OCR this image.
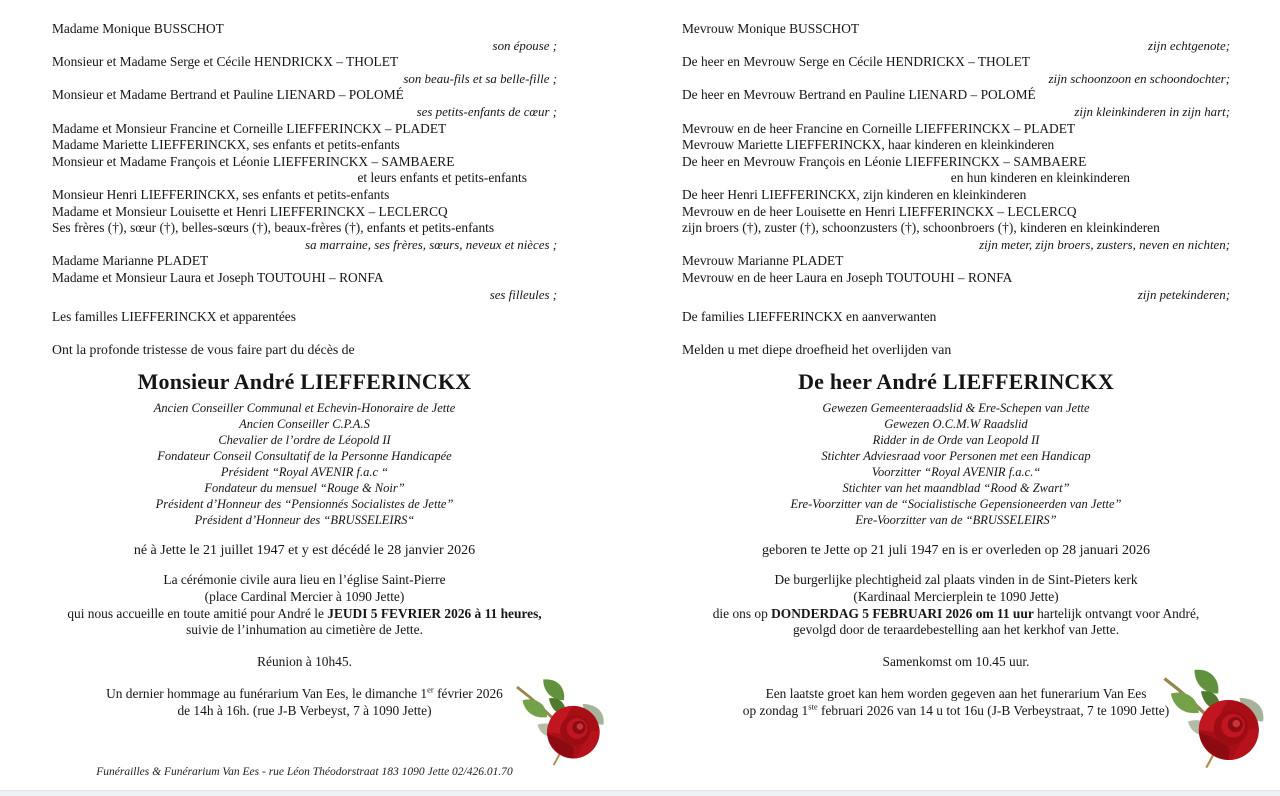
Madame Monique BUSSCHOT
son épouse ;
Monsieur et Madame Serge et Cécile HENDRICKX – THOLET
son beau-fils et sa belle-fille ;
Monsieur et Madame Bertrand et Pauline LIENARD – POLOMÉ
ses petits-enfants de cœur ;
Madame et Monsieur Francine et Corneille LIEFFERINCKX – PLADET
Madame Mariette LIEFFERINCKX, ses enfants et petits-enfants
Monsieur et Madame François et Léonie LIEFFERINCKX – SAMBAERE
et leurs enfants et petits-enfants
Monsieur Henri LIEFFERINCKX, ses enfants et petits-enfants
Madame et Monsieur Louisette et Henri LIEFFERINCKX – LECLERCQ
Ses frères (†), sœur (†), belles-sœurs (†), beaux-frères (†), enfants et petits-enfants
sa marraine, ses frères, sœurs, neveux et nièces ;
Madame Marianne PLADET
Madame et Monsieur Laura et Joseph TOUTOUHI – RONFA
ses filleules ;
Les familles LIEFFERINCKX et apparentées
Ont la profonde tristesse de vous faire part du décès de
Monsieur André LIEFFERINCKX
Ancien Conseiller Communal et Echevin-Honoraire de Jette
Ancien Conseiller C.P.A.S
Chevalier de l’ordre de Léopold II
Fondateur Conseil Consultatif de la Personne Handicapée
Président “Royal AVENIR f.a.c “
Fondateur du mensuel “Rouge & Noir”
Président d’Honneur des “Pensionnés Socialistes de Jette”
Président d’Honneur des “BRUSSELEIRS“
né à Jette le 21 juillet 1947 et y est décédé le 28 janvier 2026
La cérémonie civile aura lieu en l’église Saint-Pierre
(place Cardinal Mercier à 1090 Jette)
qui nous accueille en toute amitié pour André le JEUDI 5 FEVRIER 2026 à 11 heures,
suivie de l’inhumation au cimetière de Jette.
Réunion à 10h45.
Un dernier hommage au funérarium Van Ees, le dimanche 1er février 2026
de 14h à 16h. (rue J-B Verbeyst, 7 à 1090 Jette)
Mevrouw Monique BUSSCHOT
zijn echtgenote;
De heer en Mevrouw Serge en Cécile HENDRICKX – THOLET
zijn schoonzoon en schoondochter;
De heer en Mevrouw Bertrand en Pauline LIENARD – POLOMÉ
zijn kleinkinderen in zijn hart;
Mevrouw en de heer Francine en Corneille LIEFFERINCKX – PLADET
Mevrouw Mariette LIEFFERINCKX, haar kinderen en kleinkinderen
De heer en Mevrouw François en Léonie LIEFFERINCKX – SAMBAERE
en hun kinderen en kleinkinderen
De heer Henri LIEFFERINCKX, zijn kinderen en kleinkinderen
Mevrouw en de heer Louisette en Henri LIEFFERINCKX – LECLERCQ
zijn broers (†), zuster (†), schoonzusters (†), schoonbroers (†), kinderen en kleinkinderen
zijn meter, zijn broers, zusters, neven en nichten;
Mevrouw Marianne PLADET
Mevrouw en de heer Laura en Joseph TOUTOUHI – RONFA
zijn petekinderen;
De families LIEFFERINCKX en aanverwanten
Melden u met diepe droefheid het overlijden van
De heer André LIEFFERINCKX
Gewezen Gemeenteraadslid & Ere-Schepen van Jette
Gewezen O.C.M.W Raadslid
Ridder in de Orde van Leopold II
Stichter Adviesraad voor Personen met een Handicap
Voorzitter “Royal AVENIR f.a.c.“
Stichter van het maandblad “Rood & Zwart”
Ere-Voorzitter van de “Socialistische Gepensioneerden van Jette”
Ere-Voorzitter van de “BRUSSELEIRS”
geboren te Jette op 21 juli 1947 en is er overleden op 28 januari 2026
De burgerlijke plechtigheid zal plaats vinden in de Sint-Pieters kerk
(Kardinaal Mercierplein te 1090 Jette)
die ons op DONDERDAG 5 FEBRUARI 2026 om 11 uur hartelijk ontvangt voor André,
gevolgd door de teraardebestelling aan het kerkhof van Jette.
Samenkomst om 10.45 uur.
Een laatste groet kan hem worden gegeven aan het funerarium Van Ees
op zondag 1ste februari 2026 van 14 u tot 16u (J-B Verbeystraat, 7 te 1090 Jette)
Funérailles & Funérarium Van Ees - rue Léon Théodorstraat 183 1090 Jette 02/426.01.70
